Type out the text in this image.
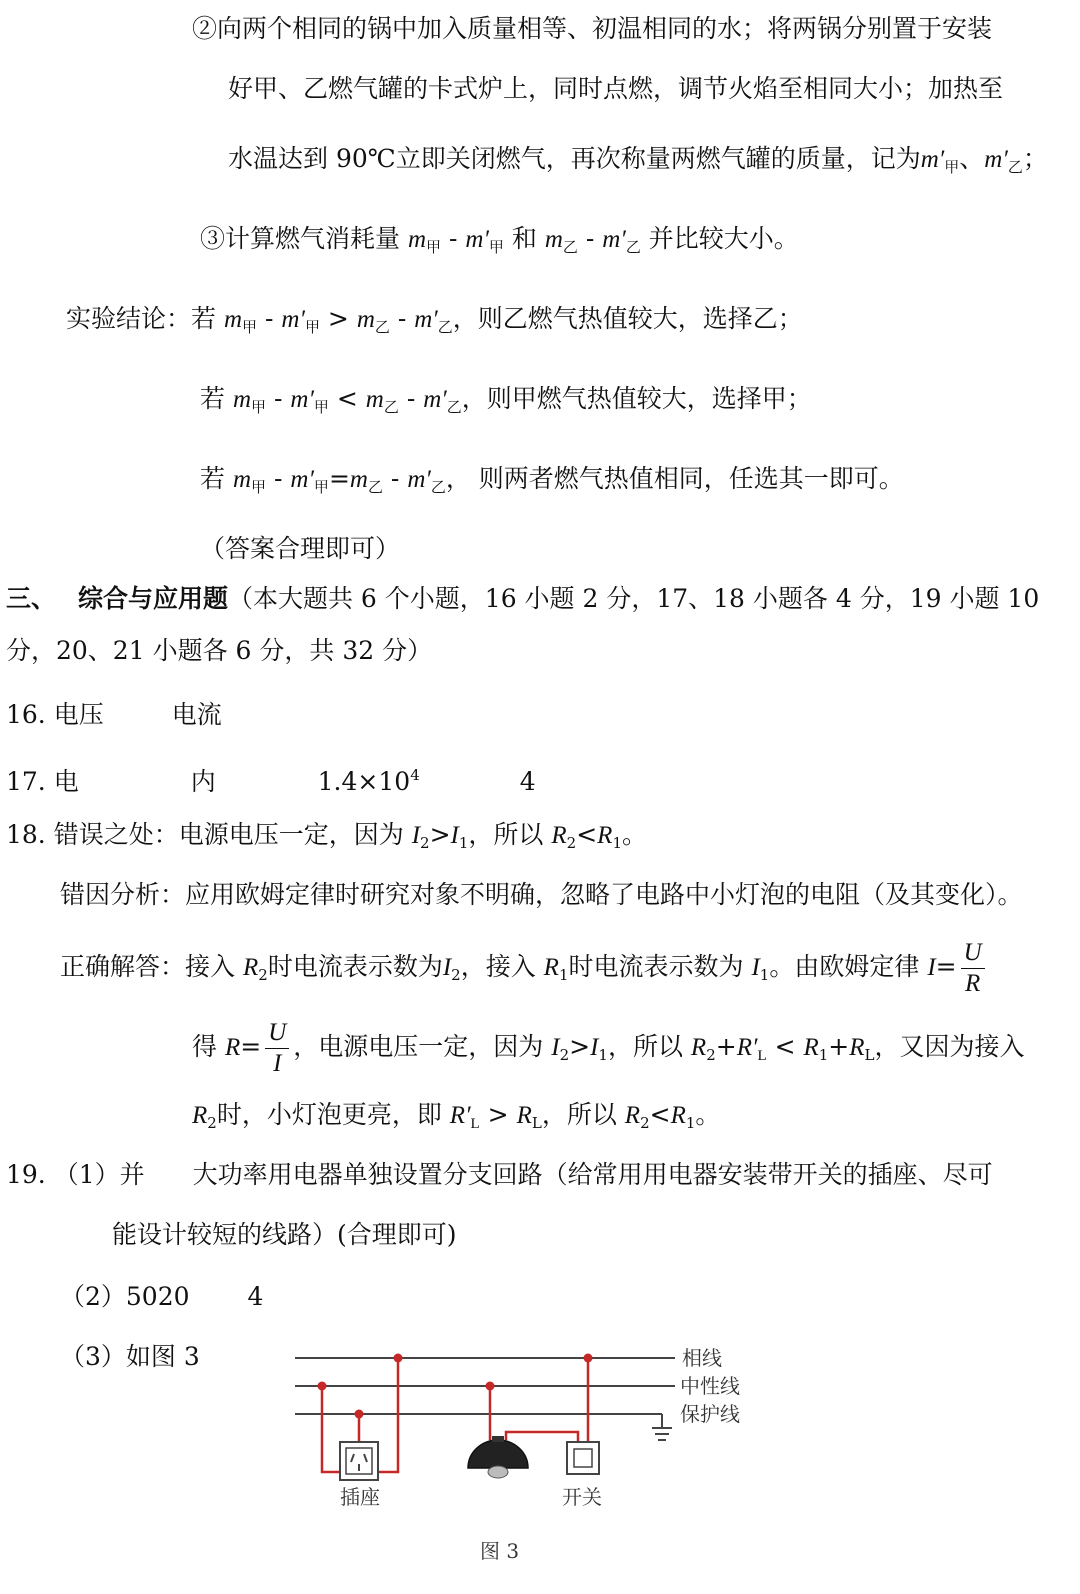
②向两个相同的锅中加入质量相等、初温相同的水；将两锅分别置于安装
好甲、乙燃气罐的卡式炉上，同时点燃，调节火焰至相同大小；加热至
水温达到 90℃立即关闭燃气，再次称量两燃气罐的质量，记为$m'_甲$、$m'_乙$；
③计算燃气消耗量 $m_甲 - m'_甲$ 和 $m_乙 - m'_乙$ 并比较大小。
实验结论：若 $m_甲 - m'_甲 > m_乙 - m'_乙$，则乙燃气热值较大，选择乙；
若 $m_甲 - m'_甲 < m_乙 - m'_乙$，则甲燃气热值较大，选择甲；
若 $m_甲 - m'_甲=m_乙 - m'_乙$， 则两者燃气热值相同，任选其一即可。
（答案合理即可）
三、 综合与应用题（本大题共 6 个小题，16 小题 2 分，17、18 小题各 4 分，19 小题 10
分，20、21 小题各 6 分，共 32 分）
16. 电压	电流
17. 电	内	$1.4\times 10^4$	4
18. 错误之处：电源电压一定，因为 $I_2>I_1$，所以 $R_2<R_1$。
错因分析：应用欧姆定律时研究对象不明确，忽略了电路中小灯泡的电阻（及其变化）。
正确解答：接入 $R_2$时电流表示数为$I_2$，接入 $R_1$时电流表示数为 $I_1$。由欧姆定律 $I= \frac{U}{R}$
得 $R= \frac{U}{I}$ ，电源电压一定，因为 $I_2>I_1$，所以 $R_2+R'_L < R_1+R_L$，又因为接入
$R_2$时，小灯泡更亮，即 $R'_L > R_L$，所以 $R_2<R_1$。
19. （1）并 大功率用电器单独设置分支回路（给常用用电器安装带开关的插座、尽可
能设计较短的线路）(合理即可)
（2）5020 4
（3）如图 3	相线
中性线
保护线
插座	开关
图 3
